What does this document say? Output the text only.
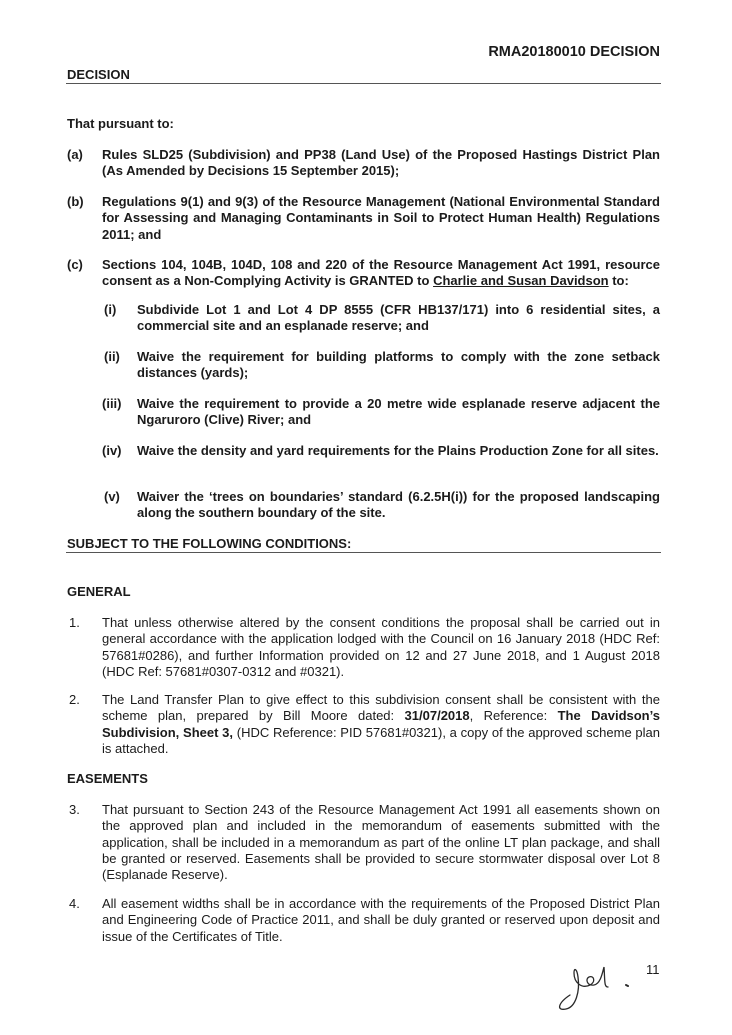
RMA20180010 DECISION
DECISION
That pursuant to:
(a) Rules SLD25 (Subdivision) and PP38 (Land Use) of the Proposed Hastings District Plan (As Amended by Decisions 15 September 2015);
(b) Regulations 9(1) and 9(3) of the Resource Management (National Environmental Standard for Assessing and Managing Contaminants in Soil to Protect Human Health) Regulations 2011; and
(c) Sections 104, 104B, 104D, 108 and 220 of the Resource Management Act 1991, resource consent as a Non-Complying Activity is GRANTED to Charlie and Susan Davidson to:
(i) Subdivide Lot 1 and Lot 4 DP 8555 (CFR HB137/171) into 6 residential sites, a commercial site and an esplanade reserve; and
(ii) Waive the requirement for building platforms to comply with the zone setback distances (yards);
(iii) Waive the requirement to provide a 20 metre wide esplanade reserve adjacent the Ngaruroro (Clive) River; and
(iv) Waive the density and yard requirements for the Plains Production Zone for all sites.
(v) Waiver the ‘trees on boundaries’ standard (6.2.5H(i)) for the proposed landscaping along the southern boundary of the site.
SUBJECT TO THE FOLLOWING CONDITIONS:
GENERAL
1. That unless otherwise altered by the consent conditions the proposal shall be carried out in general accordance with the application lodged with the Council on 16 January 2018 (HDC Ref: 57681#0286), and further Information provided on 12 and 27 June 2018, and 1 August 2018 (HDC Ref: 57681#0307-0312 and #0321).
2. The Land Transfer Plan to give effect to this subdivision consent shall be consistent with the scheme plan, prepared by Bill Moore dated: 31/07/2018, Reference: The Davidson’s Subdivision, Sheet 3, (HDC Reference: PID 57681#0321), a copy of the approved scheme plan is attached.
EASEMENTS
3. That pursuant to Section 243 of the Resource Management Act 1991 all easements shown on the approved plan and included in the memorandum of easements submitted with the application, shall be included in a memorandum as part of the online LT plan package, and shall be granted or reserved. Easements shall be provided to secure stormwater disposal over Lot 8 (Esplanade Reserve).
4. All easement widths shall be in accordance with the requirements of the Proposed District Plan and Engineering Code of Practice 2011, and shall be duly granted or reserved upon deposit and issue of the Certificates of Title.
11
